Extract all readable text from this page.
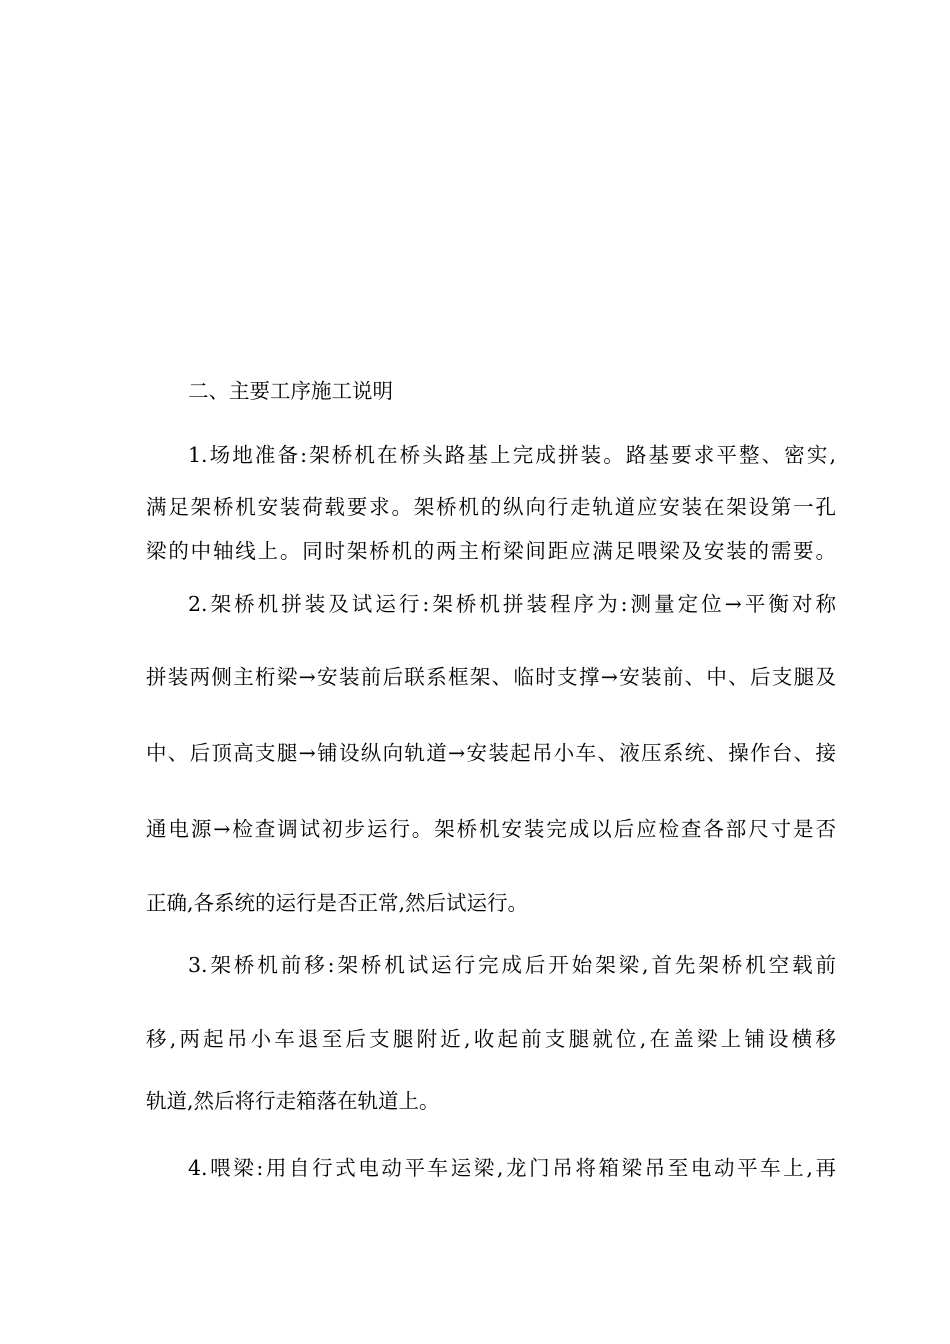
二、主要工序施工说明
1.场地准备:架桥机在桥头路基上完成拼装。路基要求平整、密实,
满足架桥机安装荷载要求。架桥机的纵向行走轨道应安装在架设第一孔
梁的中轴线上。同时架桥机的两主桁梁间距应满足喂梁及安装的需要。
2.架桥机拼装及试运行:架桥机拼装程序为:测量定位→平衡对称
拼装两侧主桁梁→安装前后联系框架、临时支撑→安装前、中、后支腿及
中、后顶高支腿→铺设纵向轨道→安装起吊小车、液压系统、操作台、接
通电源→检查调试初步运行。架桥机安装完成以后应检查各部尺寸是否
正确,各系统的运行是否正常,然后试运行。
3.架桥机前移:架桥机试运行完成后开始架梁,首先架桥机空载前
移,两起吊小车退至后支腿附近,收起前支腿就位,在盖梁上铺设横移
轨道,然后将行走箱落在轨道上。
4.喂梁:用自行式电动平车运梁,龙门吊将箱梁吊至电动平车上,再
